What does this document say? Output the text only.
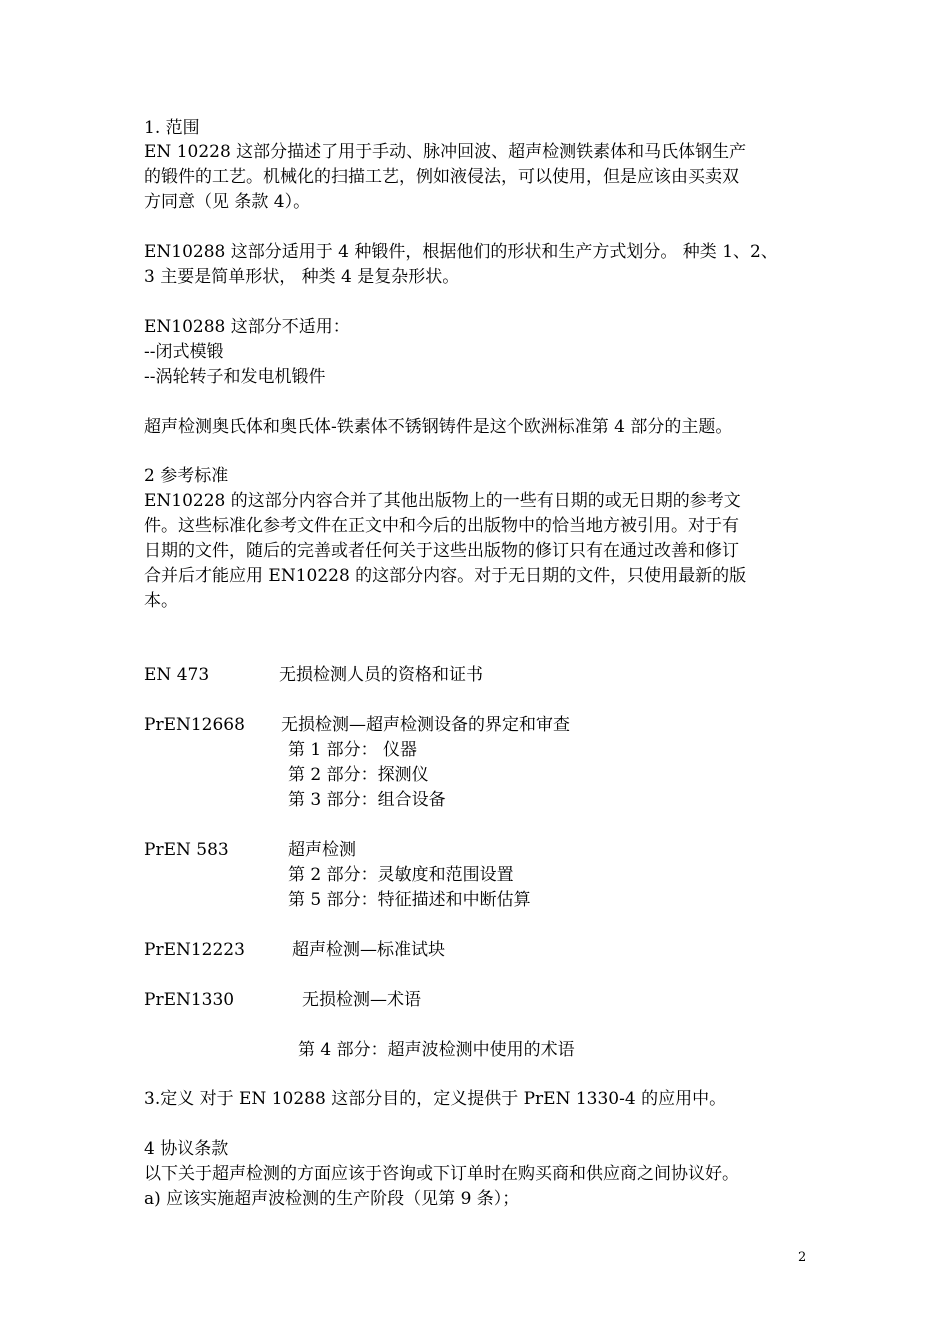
1. 范围
EN 10228 这部分描述了用于手动、脉冲回波、超声检测铁素体和马氏体钢生产
的锻件的工艺。机械化的扫描工艺，例如液侵法，可以使用，但是应该由买卖双
方同意（见 条款 4）。
EN10288 这部分适用于 4 种锻件，根据他们的形状和生产方式划分。 种类 1、2、
3 主要是简单形状， 种类 4 是复杂形状。
EN10288 这部分不适用：
--闭式模锻
--涡轮转子和发电机锻件
超声检测奥氏体和奥氏体-铁素体不锈钢铸件是这个欧洲标准第 4 部分的主题。
2 参考标准
EN10228 的这部分内容合并了其他出版物上的一些有日期的或无日期的参考文
件。这些标准化参考文件在正文中和今后的出版物中的恰当地方被引用。对于有
日期的文件，随后的完善或者任何关于这些出版物的修订只有在通过改善和修订
合并后才能应用 EN10228 的这部分内容。对于无日期的文件，只使用最新的版
本。
EN 473	无损检测人员的资格和证书
PrEN12668 无损检测—超声检测设备的界定和审查
第 1 部分： 仪器
第 2 部分：探测仪
第 3 部分：组合设备
PrEN 583	超声检测
第 2 部分：灵敏度和范围设置
第 5 部分：特征描述和中断估算
PrEN12223	超声检测—标准试块
PrEN1330	无损检测—术语
第 4 部分：超声波检测中使用的术语
3.定义 对于 EN 10288 这部分目的，定义提供于 PrEN 1330-4 的应用中。
4 协议条款
以下关于超声检测的方面应该于咨询或下订单时在购买商和供应商之间协议好。
a) 应该实施超声波检测的生产阶段（见第 9 条）；
2
